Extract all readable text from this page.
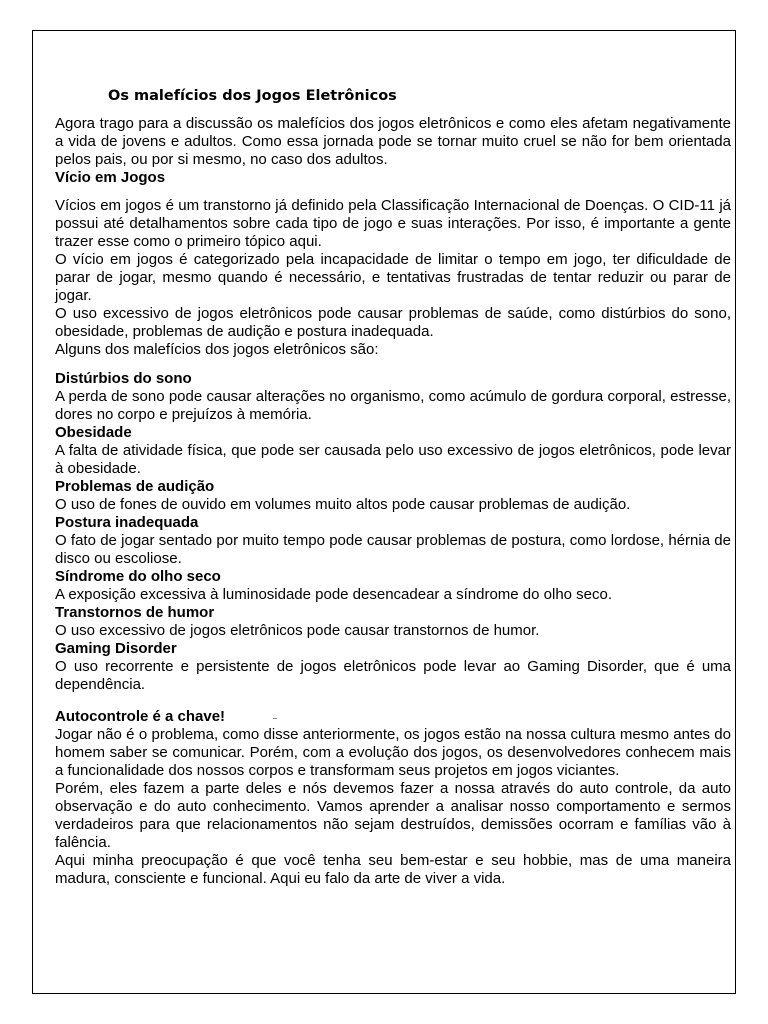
Os malefícios dos Jogos Eletrônicos

Agora trago para a discussão os malefícios dos jogos eletrônicos e como eles afetam negativamente a vida de jovens e adultos. Como essa jornada pode se tornar muito cruel se não for bem orientada pelos pais, ou por si mesmo, no caso dos adultos.

Vício em Jogos

Vícios em jogos é um transtorno já definido pela Classificação Internacional de Doenças. O CID-11 já possui até detalhamentos sobre cada tipo de jogo e suas interações. Por isso, é importante a gente trazer esse como o primeiro tópico aqui.

O vício em jogos é categorizado pela incapacidade de limitar o tempo em jogo, ter dificuldade de parar de jogar, mesmo quando é necessário, e tentativas frustradas de tentar reduzir ou parar de jogar.

O uso excessivo de jogos eletrônicos pode causar problemas de saúde, como distúrbios do sono, obesidade, problemas de audição e postura inadequada.

Alguns dos malefícios dos jogos eletrônicos são:

Distúrbios do sono

A perda de sono pode causar alterações no organismo, como acúmulo de gordura corporal, estresse, dores no corpo e prejuízos à memória.

Obesidade

A falta de atividade física, que pode ser causada pelo uso excessivo de jogos eletrônicos, pode levar à obesidade.

Problemas de audição

O uso de fones de ouvido em volumes muito altos pode causar problemas de audição.

Postura inadequada

O fato de jogar sentado por muito tempo pode causar problemas de postura, como lordose, hérnia de disco ou escoliose.

Síndrome do olho seco

A exposição excessiva à luminosidade pode desencadear a síndrome do olho seco.

Transtornos de humor

O uso excessivo de jogos eletrônicos pode causar transtornos de humor.

Gaming Disorder

O uso recorrente e persistente de jogos eletrônicos pode levar ao Gaming Disorder, que é uma dependência.

Autocontrole é a chave!

Jogar não é o problema, como disse anteriormente, os jogos estão na nossa cultura mesmo antes do homem saber se comunicar. Porém, com a evolução dos jogos, os desenvolvedores conhecem mais a funcionalidade dos nossos corpos e transformam seus projetos em jogos viciantes.

Porém, eles fazem a parte deles e nós devemos fazer a nossa através do auto controle, da auto observação e do auto conhecimento. Vamos aprender a analisar nosso comportamento e sermos verdadeiros para que relacionamentos não sejam destruídos, demissões ocorram e famílias vão à falência.

Aqui minha preocupação é que você tenha seu bem-estar e seu hobbie, mas de uma maneira madura, consciente e funcional. Aqui eu falo da arte de viver a vida.
